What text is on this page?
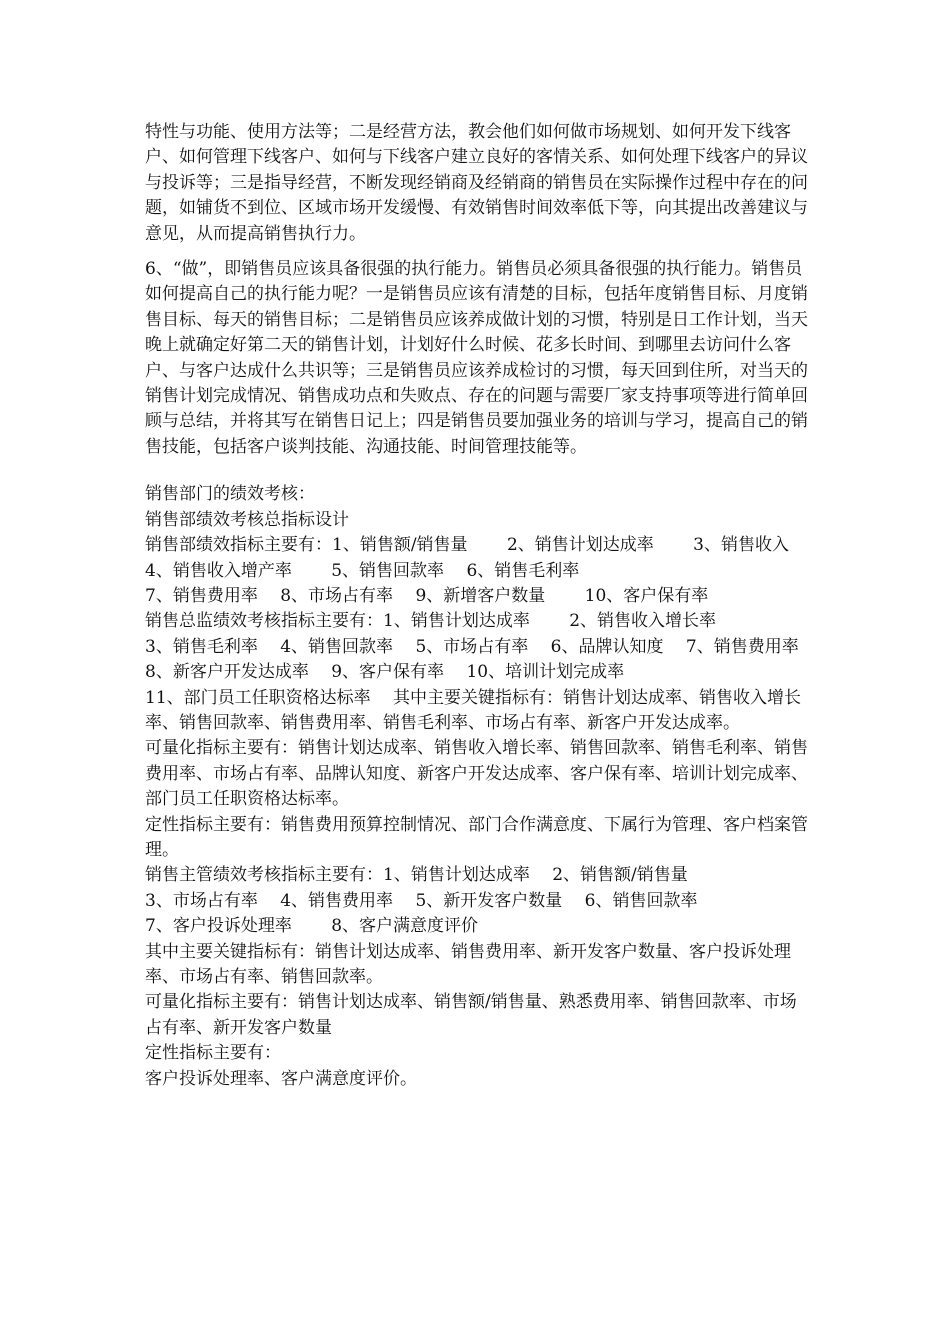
特性与功能、使用方法等；二是经营方法，教会他们如何做市场规划、如何开发下线客户、如何管理下线客户、如何与下线客户建立良好的客情关系、如何处理下线客户的异议与投诉等；三是指导经营，不断发现经销商及经销商的销售员在实际操作过程中存在的问题，如铺货不到位、区域市场开发缓慢、有效销售时间效率低下等，向其提出改善建议与意见，从而提高销售执行力。

6、“做”，即销售员应该具备很强的执行能力。销售员必须具备很强的执行能力。销售员如何提高自己的执行能力呢？一是销售员应该有清楚的目标，包括年度销售目标、月度销售目标、每天的销售目标；二是销售员应该养成做计划的习惯，特别是日工作计划，当天晚上就确定好第二天的销售计划，计划好什么时候、花多长时间、到哪里去访问什么客户、与客户达成什么共识等；三是销售员应该养成检讨的习惯，每天回到住所，对当天的销售计划完成情况、销售成功点和失败点、存在的问题与需要厂家支持事项等进行简单回顾与总结，并将其写在销售日记上；四是销售员要加强业务的培训与学习，提高自己的销售技能，包括客户谈判技能、沟通技能、时间管理技能等。

销售部门的绩效考核：

销售部绩效考核总指标设计

销售部绩效指标主要有：1、销售额/销售量　　 2、销售计划达成率　　 3、销售收入　　 4、销售收入增产率　　 5、销售回款率　 6、销售毛利率

7、销售费用率　 8、市场占有率　 9、新增客户数量　　 10、客户保有率

销售总监绩效考核指标主要有：1、销售计划达成率　　 2、销售收入增长率

3、销售毛利率　 4、销售回款率　 5、市场占有率　 6、品牌认知度　 7、销售费用率　 8、新客户开发达成率　 9、客户保有率　 10、培训计划完成率

11、部门员工任职资格达标率　 其中主要关键指标有：销售计划达成率、销售收入增长率、销售回款率、销售费用率、销售毛利率、市场占有率、新客户开发达成率。

可量化指标主要有：销售计划达成率、销售收入增长率、销售回款率、销售毛利率、销售费用率、市场占有率、品牌认知度、新客户开发达成率、客户保有率、培训计划完成率、部门员工任职资格达标率。

定性指标主要有：销售费用预算控制情况、部门合作满意度、下属行为管理、客户档案管理。

销售主管绩效考核指标主要有：1、销售计划达成率　 2、销售额/销售量

3、市场占有率　 4、销售费用率　 5、新开发客户数量　 6、销售回款率

7、客户投诉处理率　　 8、客户满意度评价

其中主要关键指标有：销售计划达成率、销售费用率、新开发客户数量、客户投诉处理率、市场占有率、销售回款率。

可量化指标主要有：销售计划达成率、销售额/销售量、熟悉费用率、销售回款率、市场占有率、新开发客户数量

定性指标主要有：

客户投诉处理率、客户满意度评价。
